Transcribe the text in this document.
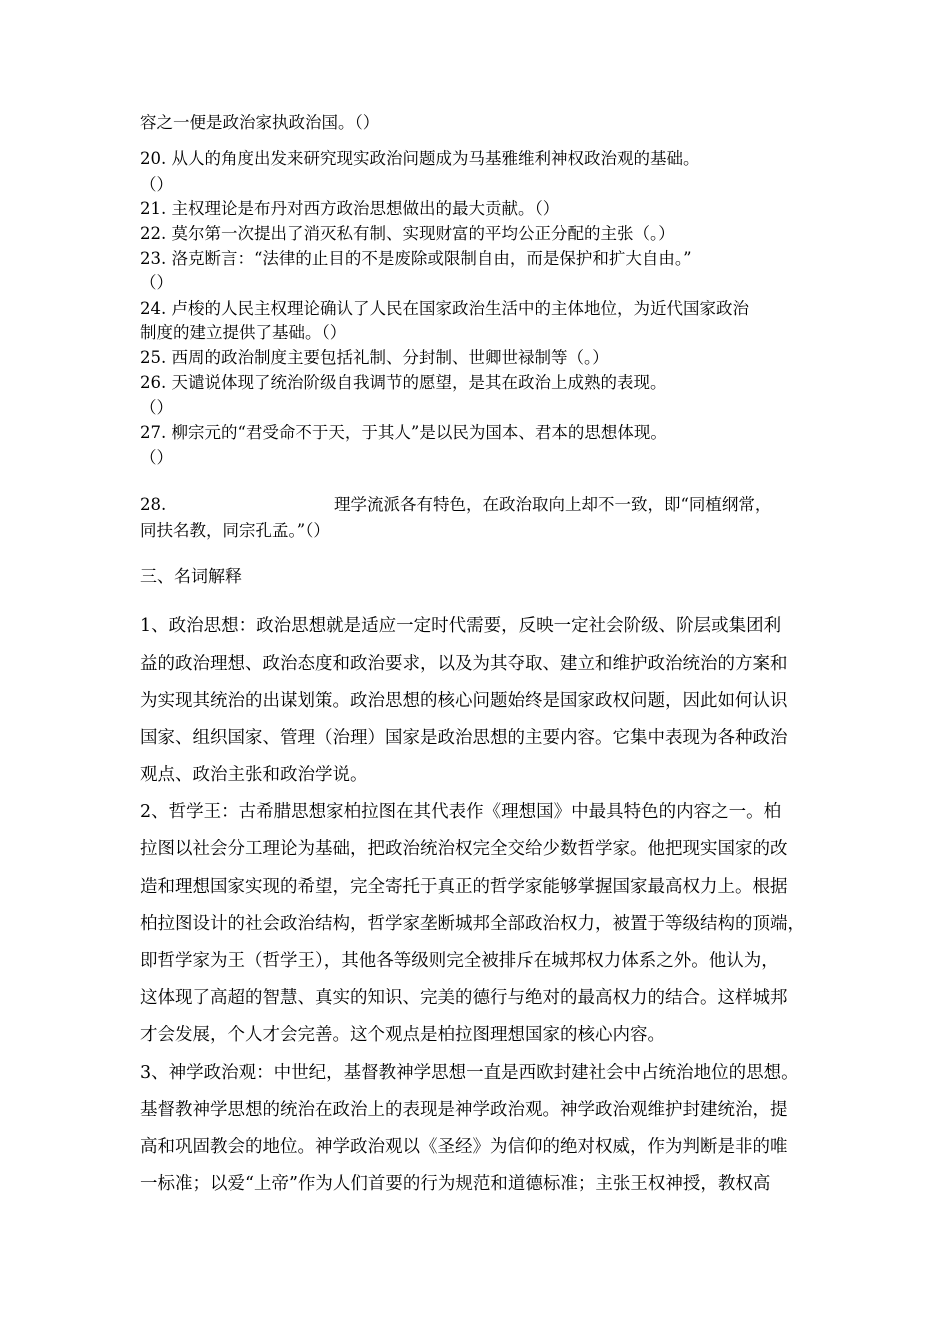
容之一便是政治家执政治国。（）
20. 从人的角度出发来研究现实政治问题成为马基雅维利神权政治观的基础。
（）
21. 主权理论是布丹对西方政治思想做出的最大贡献。（）
22. 莫尔第一次提出了消灭私有制、实现财富的平均公正分配的主张（。）
23. 洛克断言：“法律的止目的不是废除或限制自由，而是保护和扩大自由。”
（）
24. 卢梭的人民主权理论确认了人民在国家政治生活中的主体地位，为近代国家政治
制度的建立提供了基础。（）
25. 西周的政治制度主要包括礼制、分封制、世卿世禄制等（。）
26. 天谴说体现了统治阶级自我调节的愿望，是其在政治上成熟的表现。
（）
27. 柳宗元的“君受命不于天，于其人”是以民为国本、君本的思想体现。
（）
28.	理学流派各有特色，在政治取向上却不一致，即“同植纲常，
同扶名教，同宗孔孟。”（）
三、名词解释
1、政治思想：政治思想就是适应一定时代需要，反映一定社会阶级、阶层或集团利
益的政治理想、政治态度和政治要求，以及为其夺取、建立和维护政治统治的方案和
为实现其统治的出谋划策。政治思想的核心问题始终是国家政权问题，因此如何认识
国家、组织国家、管理（治理）国家是政治思想的主要内容。它集中表现为各种政治
观点、政治主张和政治学说。
2、哲学王：古希腊思想家柏拉图在其代表作《理想国》中最具特色的内容之一。柏
拉图以社会分工理论为基础，把政治统治权完全交给少数哲学家。他把现实国家的改
造和理想国家实现的希望，完全寄托于真正的哲学家能够掌握国家最高权力上。根据
柏拉图设计的社会政治结构，哲学家垄断城邦全部政治权力，被置于等级结构的顶端，
即哲学家为王（哲学王），其他各等级则完全被排斥在城邦权力体系之外。他认为，
这体现了高超的智慧、真实的知识、完美的德行与绝对的最高权力的结合。这样城邦
才会发展，个人才会完善。这个观点是柏拉图理想国家的核心内容。
3、神学政治观：中世纪，基督教神学思想一直是西欧封建社会中占统治地位的思想。
基督教神学思想的统治在政治上的表现是神学政治观。神学政治观维护封建统治，提
高和巩固教会的地位。神学政治观以《圣经》为信仰的绝对权威，作为判断是非的唯
一标准；以爱“上帝”作为人们首要的行为规范和道德标准；主张王权神授，教权高
